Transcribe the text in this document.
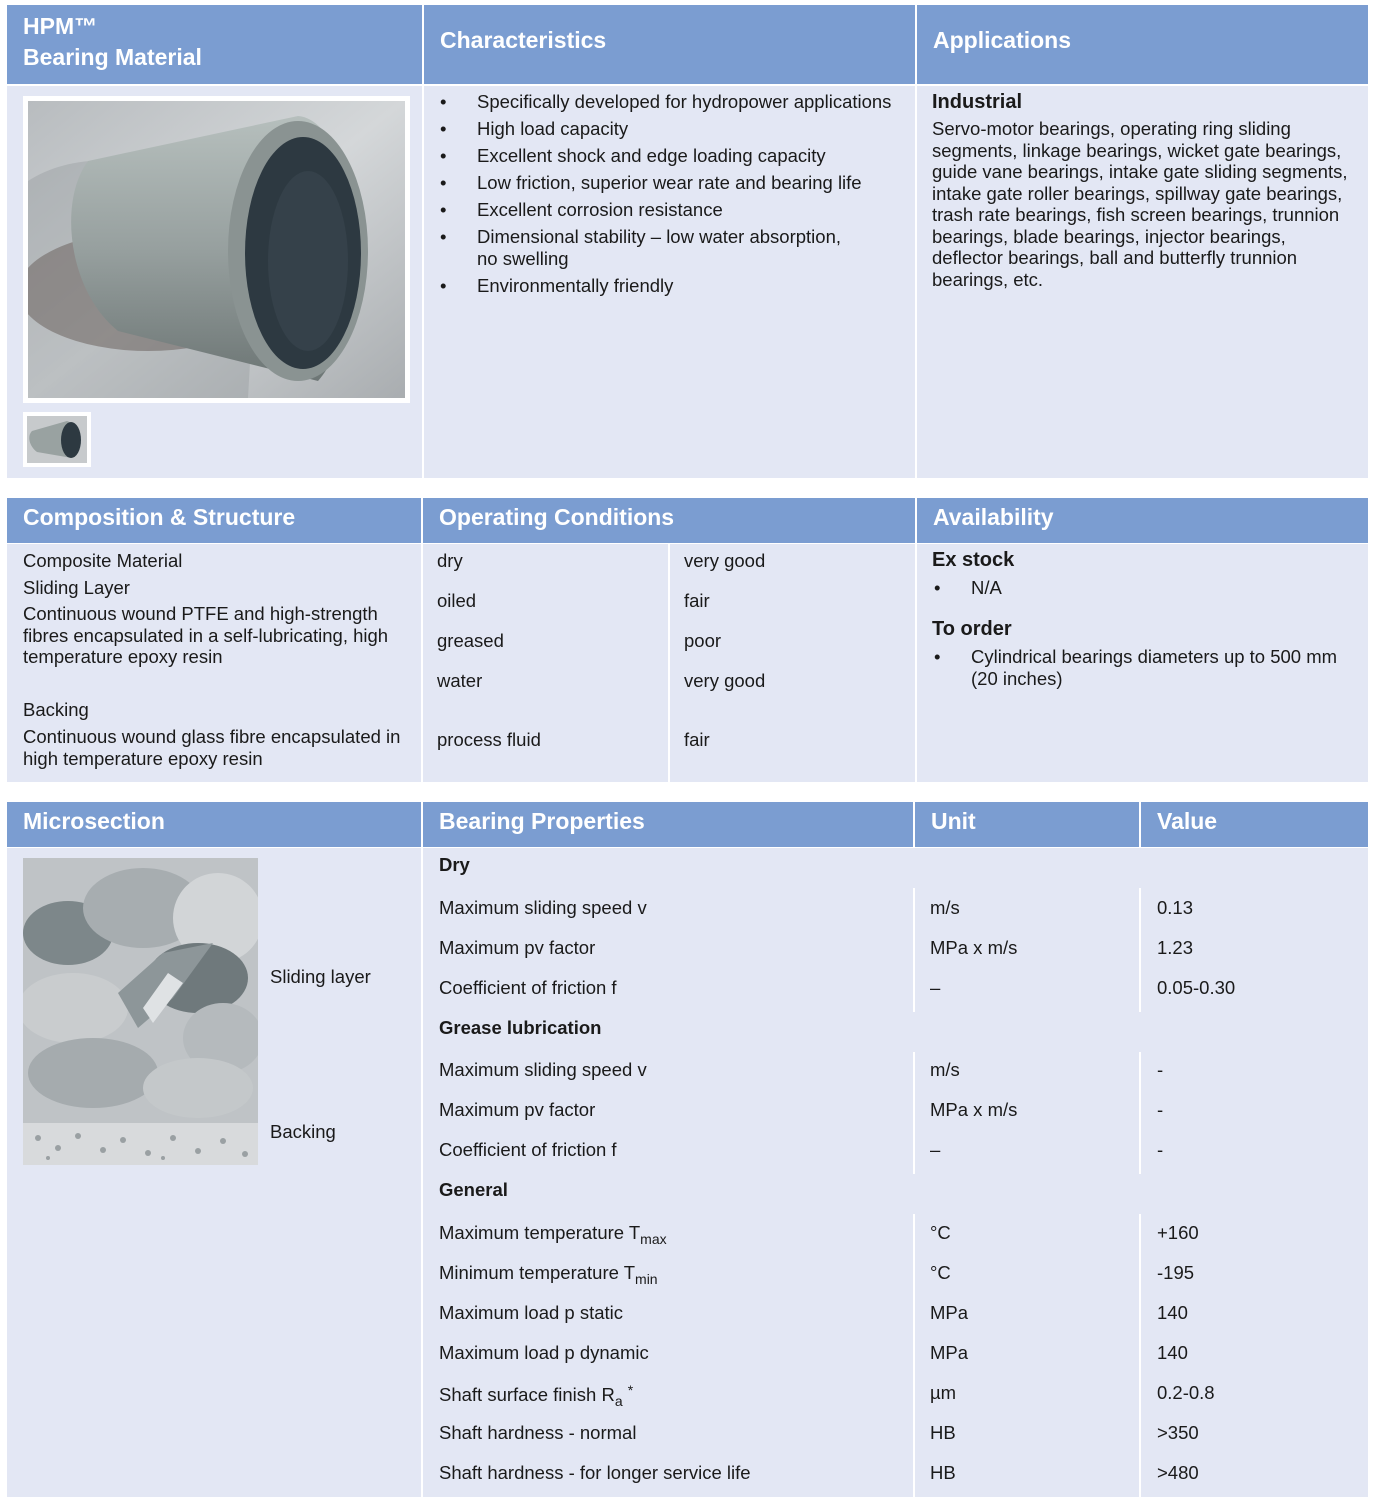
HPM™
Bearing Material
Characteristics	Applications
• Specifically developed for hydropower applications
• High load capacity
• Excellent shock and edge loading capacity
• Low friction, superior wear rate and bearing life
• Excellent corrosion resistance
• Dimensional stability – low water absorption,
no swelling
• Environmentally friendly
Industrial
Servo-motor bearings, operating ring sliding segments, linkage bearings, wicket gate bearings, guide vane bearings, intake gate sliding segments, intake gate roller bearings, spillway gate bearings, trash rate bearings, fish screen bearings, trunnion bearings, blade bearings, injector bearings, deflector bearings, ball and butterfly trunnion bearings, etc.
Composition & Structure	Operating Conditions	Availability
Composite Material
Sliding Layer
Continuous wound PTFE and high-strength fibres encapsulated in a self-lubricating, high temperature epoxy resin
Backing
Continuous wound glass fibre encapsulated in high temperature epoxy resin
dry	very good
oiled	fair
greased	poor
water	very good
process fluid	fair
Ex stock
• N/A
To order
• Cylindrical bearings diameters up to 500 mm (20 inches)
Microsection	Bearing Properties	Unit	Value
Sliding layer
Backing
Dry
Maximum sliding speed v	m/s	0.13
Maximum pv factor	MPa x m/s	1.23
Coefficient of friction f	–	0.05-0.30
Grease lubrication
Maximum sliding speed v	m/s	-
Maximum pv factor	MPa x m/s	-
Coefficient of friction f	–	-
General
Maximum temperature $T_{max}$	°C	+160
Minimum temperature $T_{min}$	°C	-195
Maximum load p static	MPa	140
Maximum load p dynamic	MPa	140
Shaft surface finish $R_a$ *	µm	0.2-0.8
Shaft hardness - normal	HB	>350
Shaft hardness - for longer service life	HB	>480
